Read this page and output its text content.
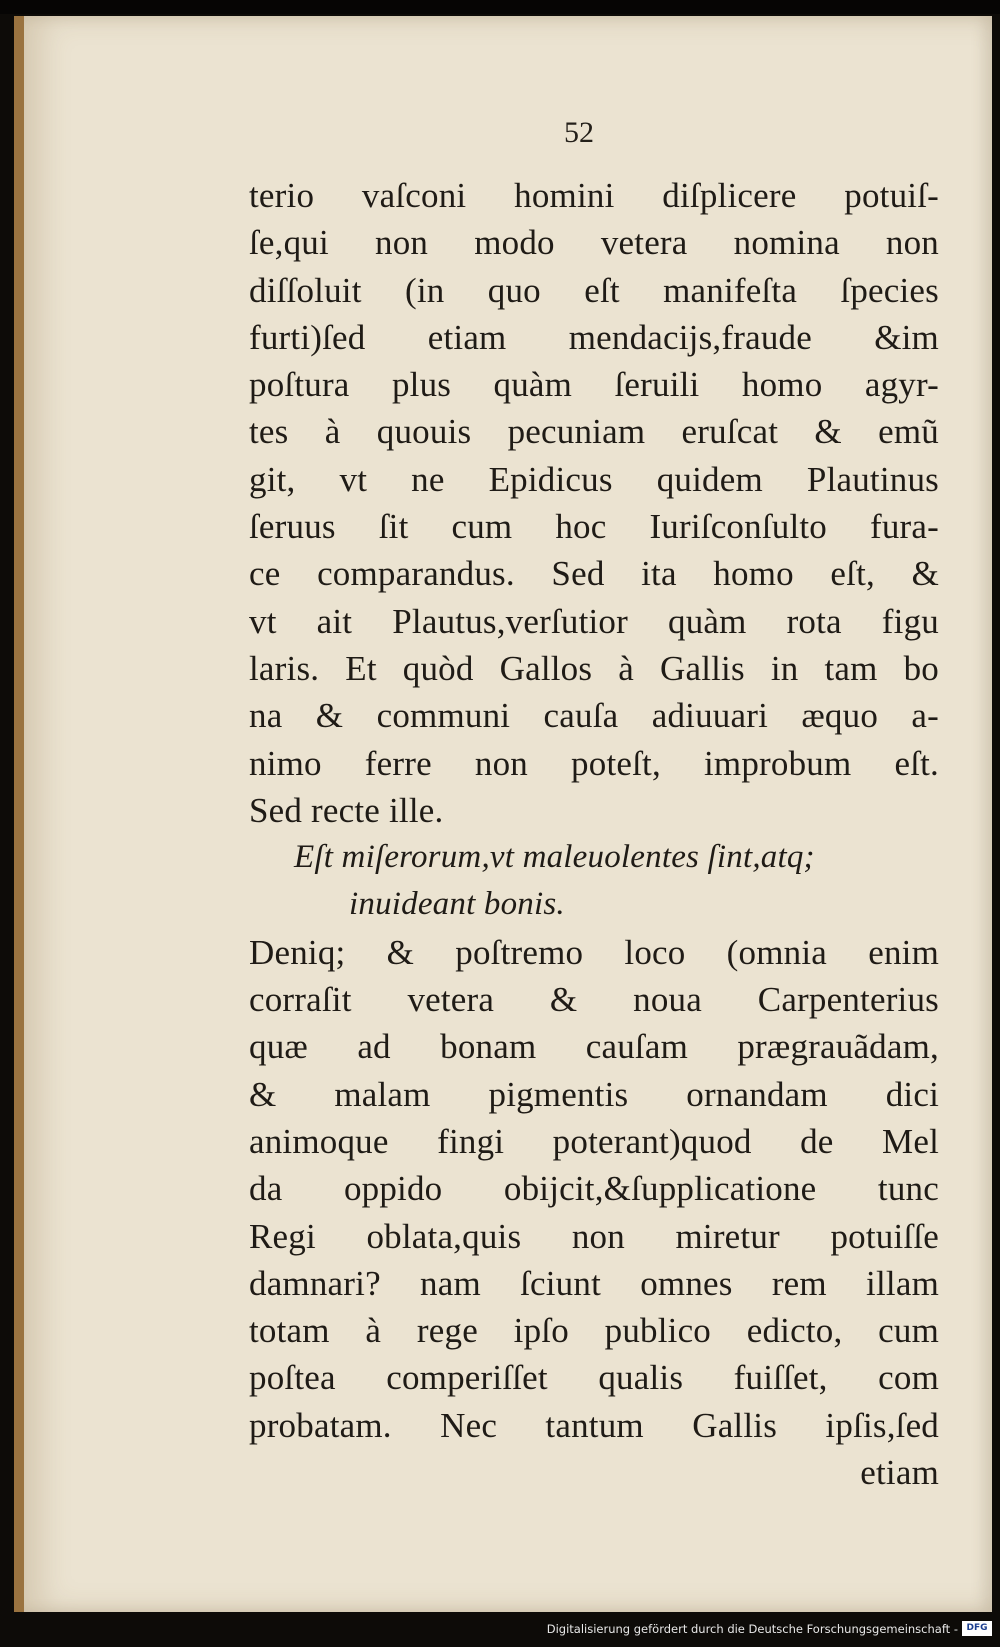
52
terio vaſconi homini diſplicere potuiſ-
ſe,qui non modo vetera nomina non
diſſoluit (in quo eſt manifeſta ſpecies
furti)ſed etiam mendaciјs,fraude &im
poſtura plus quàm ſeruili homo agyr-
tes à quouis pecuniam eruſcat & emũ
git, vt ne Epidicus quidem Plautinus
ſeruus ſit cum hoc Iuriſconſulto fura-
ce comparandus. Sed ita homo eſt, &
vt ait Plautus,verſutior quàm rota figu
laris. Et quòd Gallos à Gallis in tam bo
na & communi cauſa adiuuari æquo a-
nimo ferre non poteſt, improbum eſt.
Sed recte ille.
Eſt miſerorum,vt maleuolentes ſint,atq;
inuideant bonis.
Deniq; & poſtremo loco (omnia enim
corraſit vetera & noua Carpenterius
quæ ad bonam cauſam prægrauãdam,
& malam pigmentis ornandam dici
animoque fingi poterant)quod de Mel
da oppido obiјcit,&ſupplicatione tunc
Regi oblata,quis non miretur potuiſſe
damnari? nam ſciunt omnes rem illam
totam à rege ipſo publico edicto, cum
poſtea comperiſſet qualis fuiſſet, com
probatam. Nec tantum Gallis ipſis,ſed
etiam
Digitalisierung gefördert durch die Deutsche Forschungsgemeinschaft - DFG
